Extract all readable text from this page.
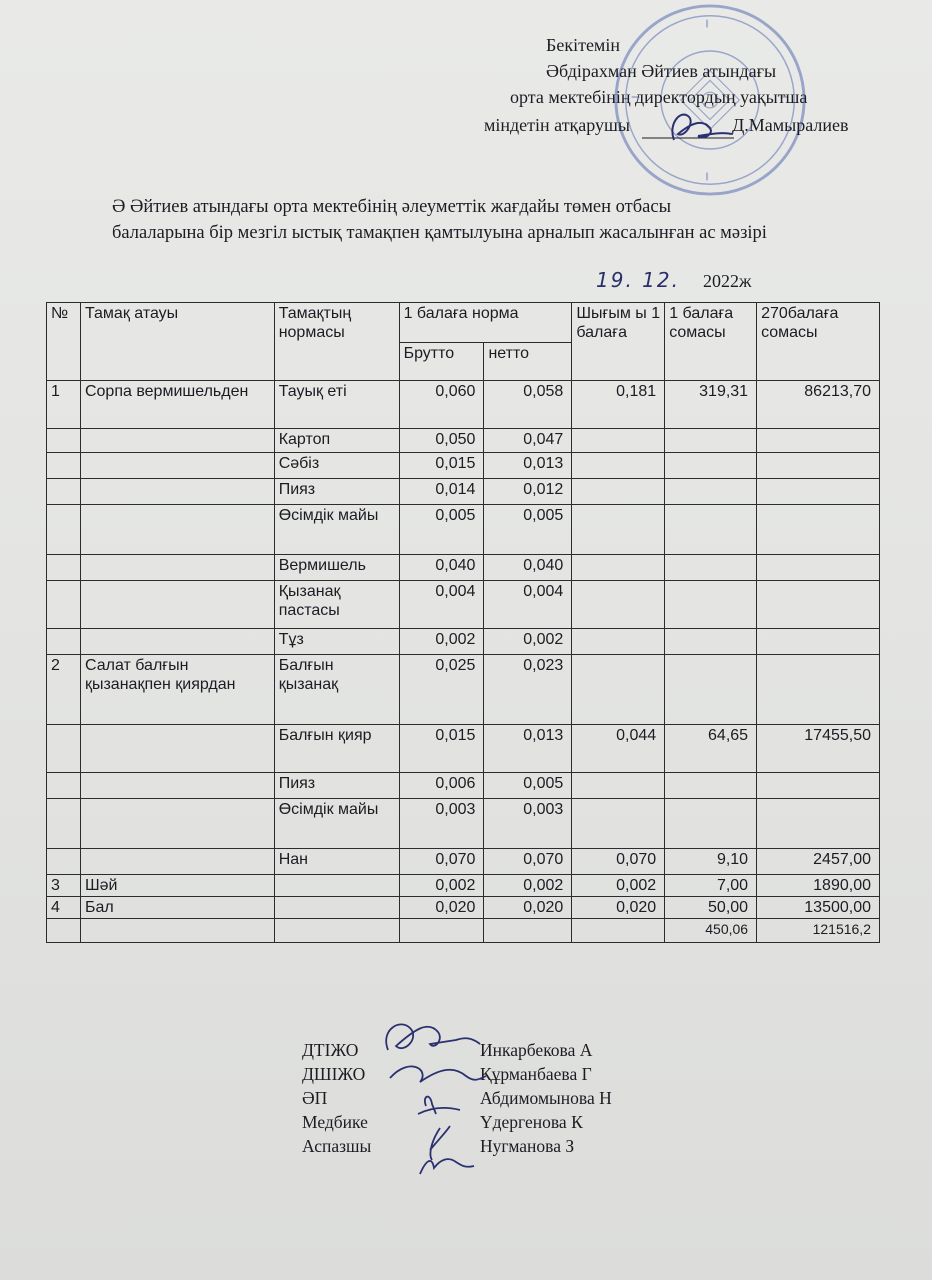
Бекітемін
Әбдірахман Әйтиев атындағы
орта мектебінің директордың уақытша
міндетін атқарушы	Д.Мамыралиев
Ә Әйтиев атындағы орта мектебінің әлеуметтік жағдайы төмен отбасы
балаларына бір мезгіл ыстық тамақпен қамтылуына арналып жасалынған ас мәзірі
19. 12. 2022ж
№	Тамақ атауы	Тамақтың нормасы	1 балаға норма		Шығым ы 1 балаға	1 балаға сомасы	270балаға сомасы
			Брутто	нетто			
1	Сорпа вермишельден	Тауық еті	0,060	0,058	0,181	319,31	86213,70
		Картоп	0,050	0,047			
		Сәбіз	0,015	0,013			
		Пияз	0,014	0,012			
		Өсімдік майы	0,005	0,005			
		Вермишель	0,040	0,040			
		Қызанақ пастасы	0,004	0,004			
		Тұз	0,002	0,002			
2	Салат балғын қызанақпен қиярдан	Балғын қызанақ	0,025	0,023			
		Балғын қияр	0,015	0,013	0,044	64,65	17455,50
		Пияз	0,006	0,005			
		Өсімдік майы	0,003	0,003			
		Нан	0,070	0,070	0,070	9,10	2457,00
3	Шәй		0,002	0,002	0,002	7,00	1890,00
4	Бал		0,020	0,020	0,020	50,00	13500,00
						450,06	121516,2
ДТІЖО	Инкарбекова А
ДШІЖО	Құрманбаева Г
ӘП	Абдимомынова Н
Медбике	Үдергенова К
Аспазшы	Нугманова З
